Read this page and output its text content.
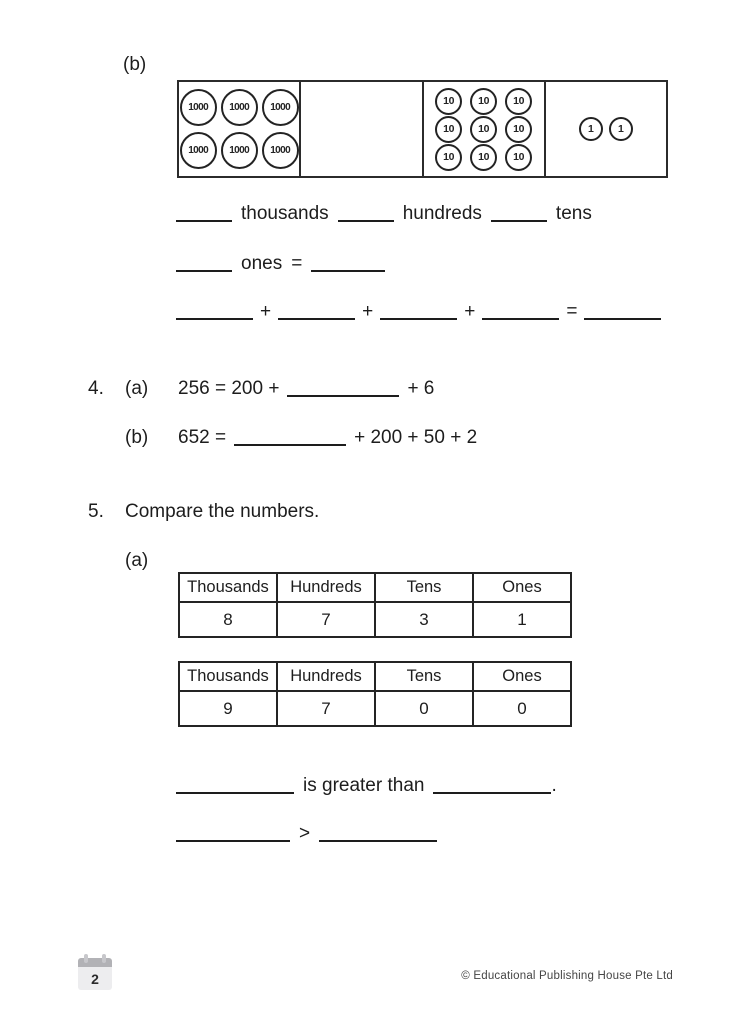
(b)
1000	1000	1000
1000	1000	1000
10	10	10
10	10	10
10	10	10
1	1
thousands	hundreds	tens
ones =
+	+	+	=
4. (a) 256 = 200 +	+ 6
(b) 652 =	+ 200 + 50 + 2
5. Compare the numbers.
(a)
Thousands	Hundreds	Tens	Ones
8	7	3	1
Thousands	Hundreds	Tens	Ones
9	7	0	0
is greater than	.
>
2	© Educational Publishing House Pte Ltd
